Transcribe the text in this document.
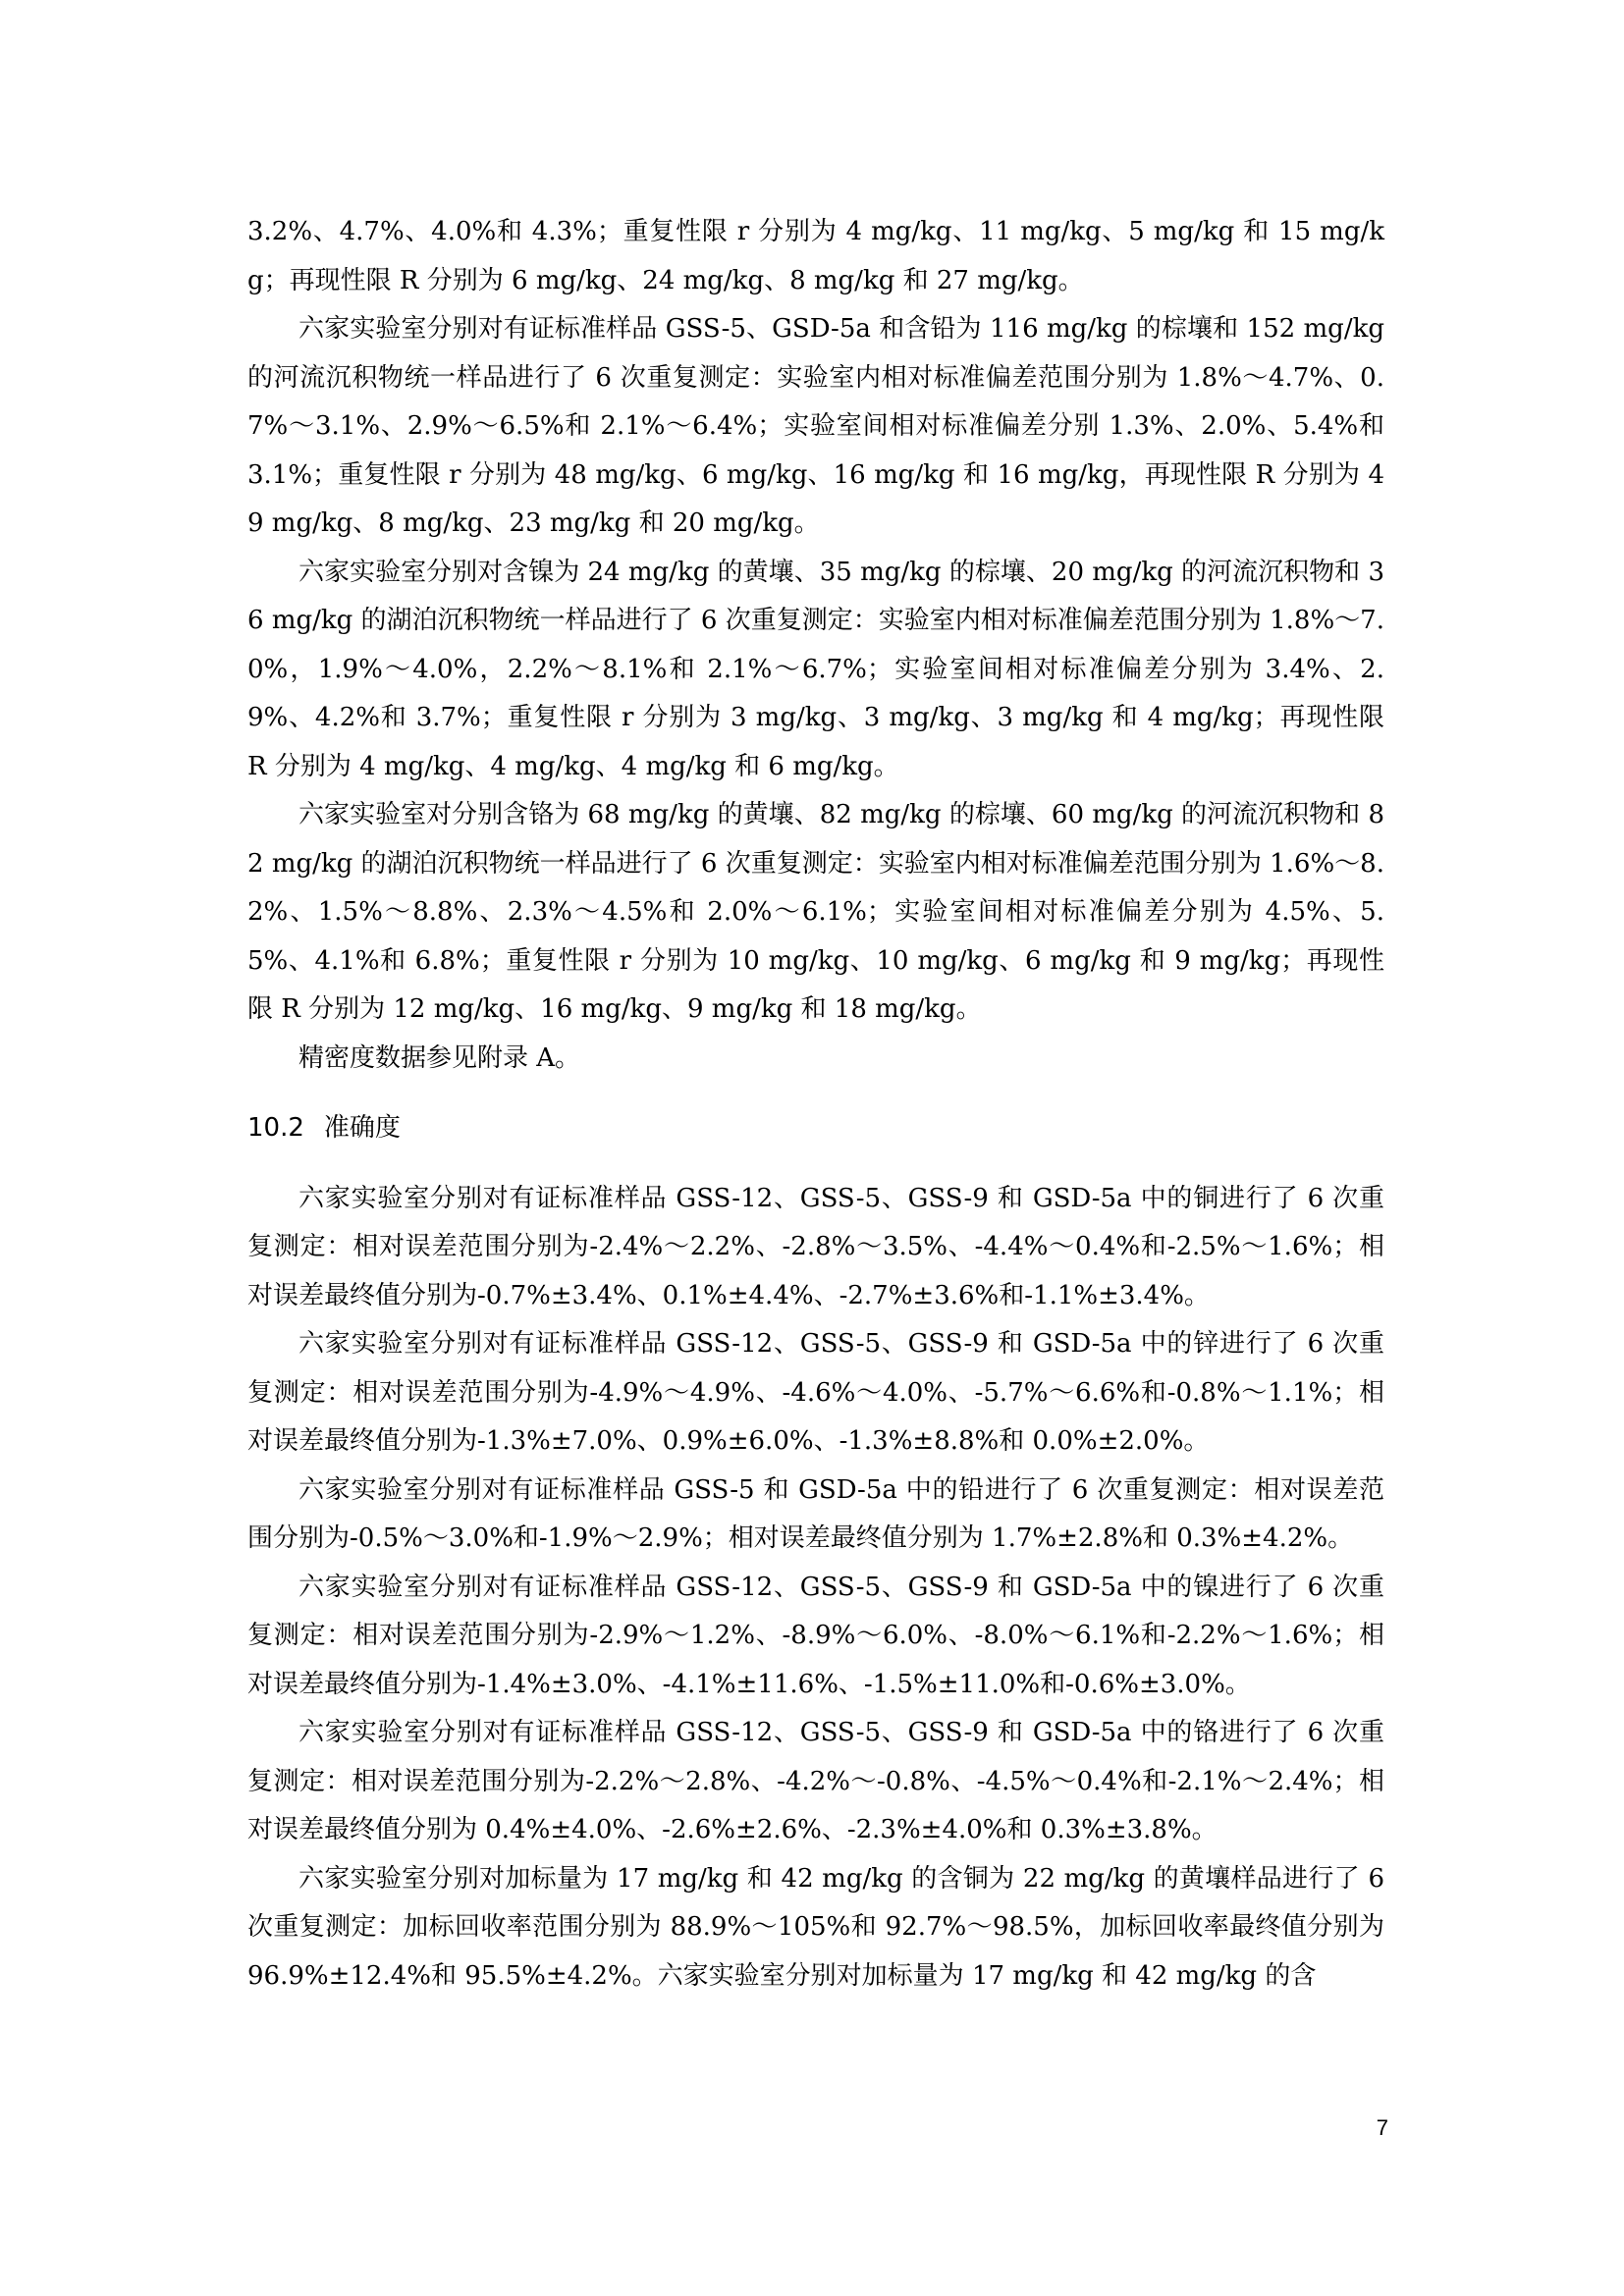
3.2%、4.7%、4.0%和 4.3%；重复性限 r 分别为 4 mg/kg、11 mg/kg、5 mg/kg 和 15 mg/kg；再现性限 R 分别为 6 mg/kg、24 mg/kg、8 mg/kg 和 27 mg/kg。

六家实验室分别对有证标准样品 GSS-5、GSD-5a 和含铅为 116 mg/kg 的棕壤和 152 mg/kg 的河流沉积物统一样品进行了 6 次重复测定：实验室内相对标准偏差范围分别为 1.8%～4.7%、0.7%～3.1%、2.9%～6.5%和 2.1%～6.4%；实验室间相对标准偏差分别 1.3%、2.0%、5.4%和 3.1%；重复性限 r 分别为 48 mg/kg、6 mg/kg、16 mg/kg 和 16 mg/kg，再现性限 R 分别为 49 mg/kg、8 mg/kg、23 mg/kg 和 20 mg/kg。

六家实验室分别对含镍为 24 mg/kg 的黄壤、35 mg/kg 的棕壤、20 mg/kg 的河流沉积物和 36 mg/kg 的湖泊沉积物统一样品进行了 6 次重复测定：实验室内相对标准偏差范围分别为 1.8%～7.0%，1.9%～4.0%，2.2%～8.1%和 2.1%～6.7%；实验室间相对标准偏差分别为 3.4%、2.9%、4.2%和 3.7%；重复性限 r 分别为 3 mg/kg、3 mg/kg、3 mg/kg 和 4 mg/kg；再现性限 R 分别为 4 mg/kg、4 mg/kg、4 mg/kg 和 6 mg/kg。

六家实验室对分别含铬为 68 mg/kg 的黄壤、82 mg/kg 的棕壤、60 mg/kg 的河流沉积物和 82 mg/kg 的湖泊沉积物统一样品进行了 6 次重复测定：实验室内相对标准偏差范围分别为 1.6%～8.2%、1.5%～8.8%、2.3%～4.5%和 2.0%～6.1%；实验室间相对标准偏差分别为 4.5%、5.5%、4.1%和 6.8%；重复性限 r 分别为 10 mg/kg、10 mg/kg、6 mg/kg 和 9 mg/kg；再现性限 R 分别为 12 mg/kg、16 mg/kg、9 mg/kg 和 18 mg/kg。

精密度数据参见附录 A。

10.2 准确度

六家实验室分别对有证标准样品 GSS-12、GSS-5、GSS-9 和 GSD-5a 中的铜进行了 6 次重复测定：相对误差范围分别为-2.4%～2.2%、-2.8%～3.5%、-4.4%～0.4%和-2.5%～1.6%；相对误差最终值分别为-0.7%±3.4%、0.1%±4.4%、-2.7%±3.6%和-1.1%±3.4%。

六家实验室分别对有证标准样品 GSS-12、GSS-5、GSS-9 和 GSD-5a 中的锌进行了 6 次重复测定：相对误差范围分别为-4.9%～4.9%、-4.6%～4.0%、-5.7%～6.6%和-0.8%～1.1%；相对误差最终值分别为-1.3%±7.0%、0.9%±6.0%、-1.3%±8.8%和 0.0%±2.0%。

六家实验室分别对有证标准样品 GSS-5 和 GSD-5a 中的铅进行了 6 次重复测定：相对误差范围分别为-0.5%～3.0%和-1.9%～2.9%；相对误差最终值分别为 1.7%±2.8%和 0.3%±4.2%。

六家实验室分别对有证标准样品 GSS-12、GSS-5、GSS-9 和 GSD-5a 中的镍进行了 6 次重复测定：相对误差范围分别为-2.9%～1.2%、-8.9%～6.0%、-8.0%～6.1%和-2.2%～1.6%；相对误差最终值分别为-1.4%±3.0%、-4.1%±11.6%、-1.5%±11.0%和-0.6%±3.0%。

六家实验室分别对有证标准样品 GSS-12、GSS-5、GSS-9 和 GSD-5a 中的铬进行了 6 次重复测定：相对误差范围分别为-2.2%～2.8%、-4.2%～-0.8%、-4.5%～0.4%和-2.1%～2.4%；相对误差最终值分别为 0.4%±4.0%、-2.6%±2.6%、-2.3%±4.0%和 0.3%±3.8%。

六家实验室分别对加标量为 17 mg/kg 和 42 mg/kg 的含铜为 22 mg/kg 的黄壤样品进行了 6 次重复测定：加标回收率范围分别为 88.9%～105%和 92.7%～98.5%，加标回收率最终值分别为 96.9%±12.4%和 95.5%±4.2%。六家实验室分别对加标量为 17 mg/kg 和 42 mg/kg 的含

7
